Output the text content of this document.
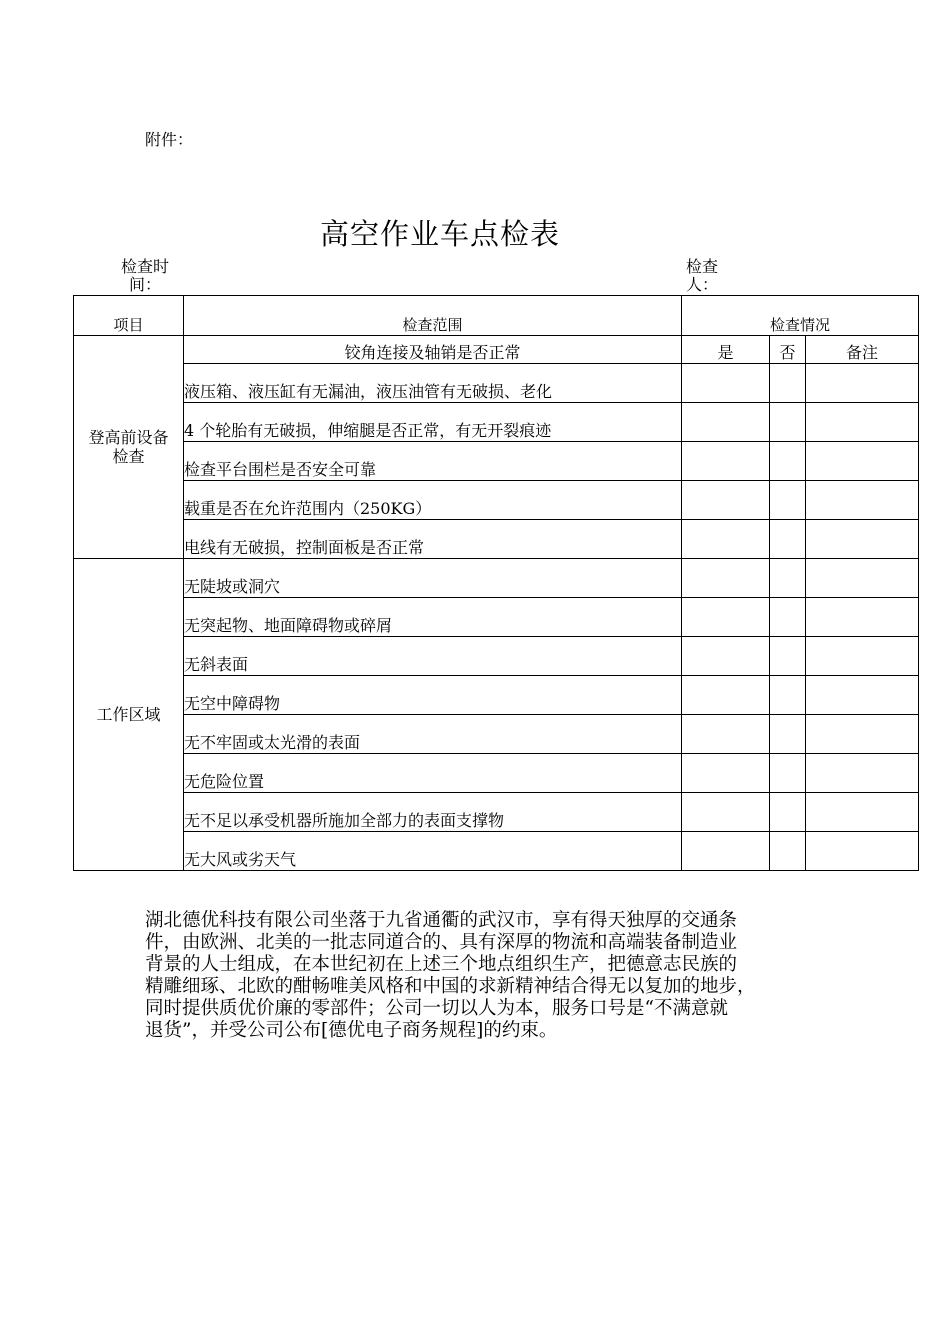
附件：
高空作业车点检表
检查时
间：
检查
人：
项目	检查范围	检查情况		
登高前设备检查	铰角连接及轴销是否正常	是	否	备注
	液压箱、液压缸有无漏油，液压油管有无破损、老化			
	4 个轮胎有无破损，伸缩腿是否正常，有无开裂痕迹			
	检查平台围栏是否安全可靠			
	载重是否在允许范围内（250KG）			
	电线有无破损，控制面板是否正常			
工作区域	无陡坡或洞穴			
	无突起物、地面障碍物或碎屑			
	无斜表面			
	无空中障碍物			
	无不牢固或太光滑的表面			
	无危险位置			
	无不足以承受机器所施加全部力的表面支撑物			
	无大风或劣天气			

湖北德优科技有限公司坐落于九省通衢的武汉市，享有得天独厚的交通条

件，由欧洲、北美的一批志同道合的、具有深厚的物流和高端装备制造业

背景的人士组成，在本世纪初在上述三个地点组织生产，把德意志民族的

精雕细琢、北欧的酣畅唯美风格和中国的求新精神结合得无以复加的地步，

同时提供质优价廉的零部件；公司一切以人为本，服务口号是“不满意就

退货”，并受公司公布[德优电子商务规程]的约束。
